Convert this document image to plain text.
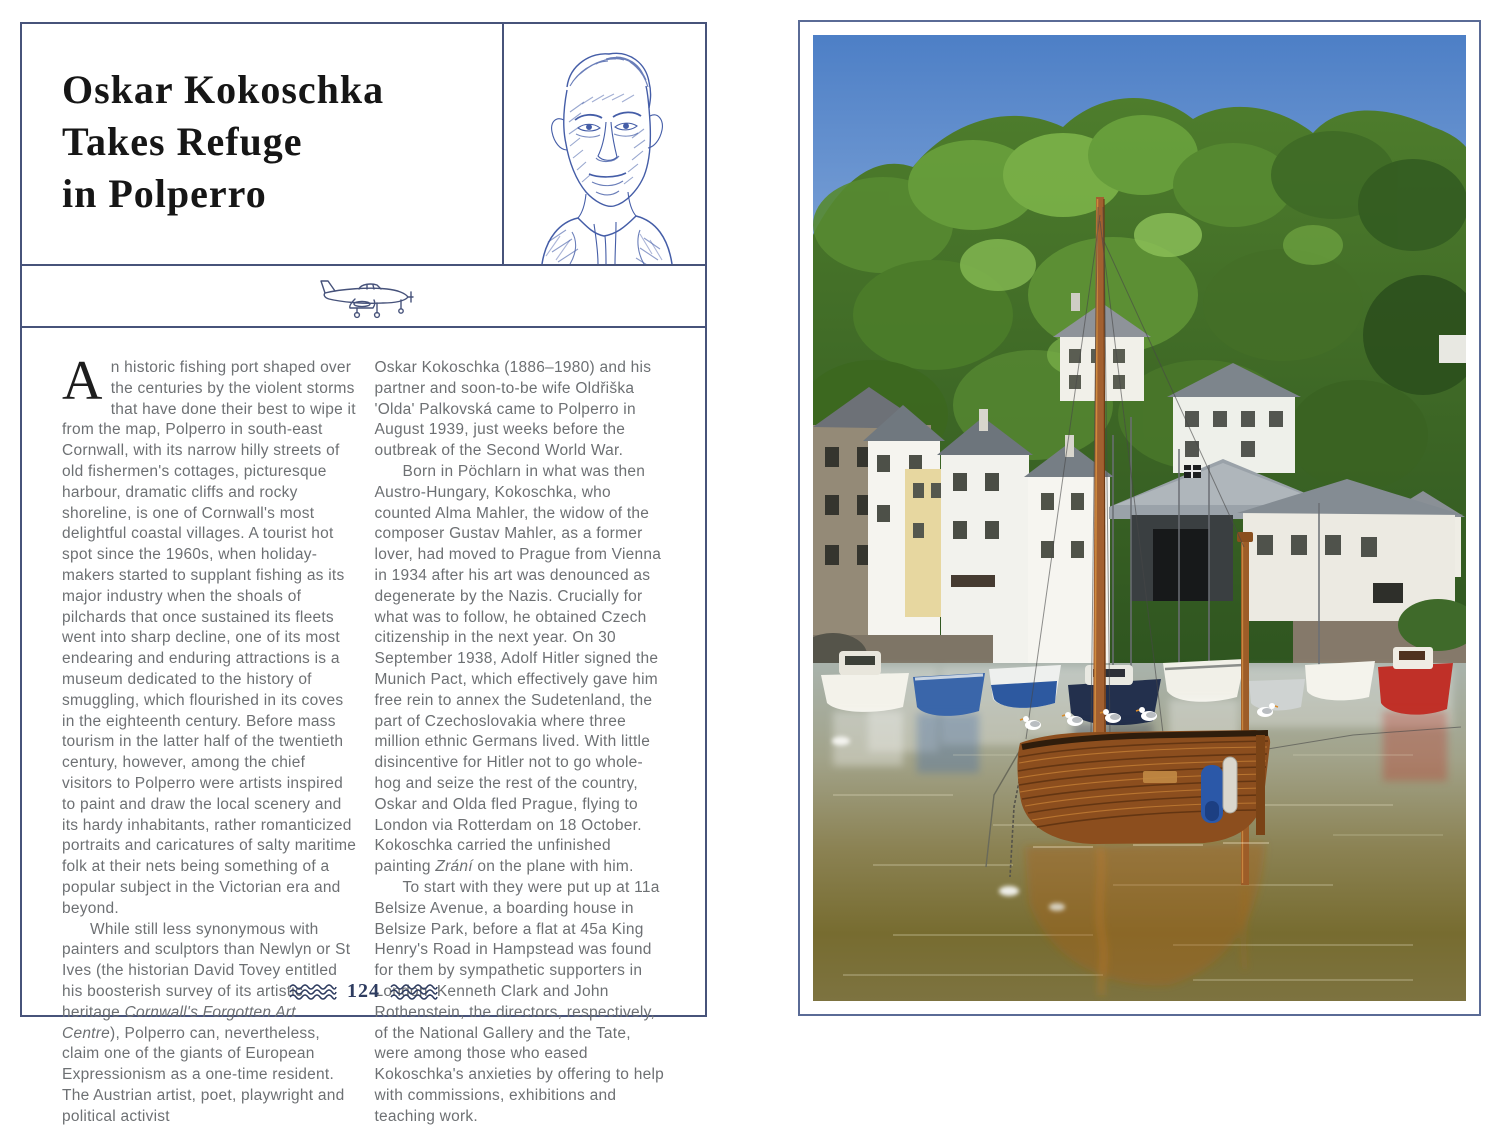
Oskar Kokoschka
Takes Refuge
in Polperro

An historic fishing port shaped over the centuries by the violent storms that have done their best to wipe it from the map, Polperro in south-east Cornwall, with its narrow hilly streets of old fishermen's cottages, picturesque harbour, dramatic cliffs and rocky shoreline, is one of Cornwall's most delightful coastal villages. A tourist hot spot since the 1960s, when holiday-makers started to supplant fishing as its major industry when the shoals of pilchards that once sustained its fleets went into sharp decline, one of its most endearing and enduring attractions is a museum dedicated to the history of smuggling, which flourished in its coves in the eighteenth century. Before mass tourism in the latter half of the twentieth century, however, among the chief visitors to Polperro were artists inspired to paint and draw the local scenery and its hardy inhabitants, rather romanticized portraits and caricatures of salty maritime folk at their nets being something of a popular subject in the Victorian era and beyond.

While still less synonymous with painters and sculptors than Newlyn or St Ives (the historian David Tovey entitled his boosterish survey of its artistic heritage Cornwall's Forgotten Art Centre), Polperro can, nevertheless, claim one of the giants of European Expressionism as a one-time resident. The Austrian artist, poet, playwright and political activist

Oskar Kokoschka (1886–1980) and his partner and soon-to-be wife Oldřiška 'Olda' Palkovská came to Polperro in August 1939, just weeks before the outbreak of the Second World War.

Born in Pöchlarn in what was then Austro-Hungary, Kokoschka, who counted Alma Mahler, the widow of the composer Gustav Mahler, as a former lover, had moved to Prague from Vienna in 1934 after his art was denounced as degenerate by the Nazis. Crucially for what was to follow, he obtained Czech citizenship in the next year. On 30 September 1938, Adolf Hitler signed the Munich Pact, which effectively gave him free rein to annex the Sudetenland, the part of Czechoslovakia where three million ethnic Germans lived. With little disincentive for Hitler not to go whole-hog and seize the rest of the country, Oskar and Olda fled Prague, flying to London via Rotterdam on 18 October. Kokoschka carried the unfinished painting Zrání on the plane with him.

To start with they were put up at 11a Belsize Avenue, a boarding house in Belsize Park, before a flat at 45a King Henry's Road in Hampstead was found for them by sympathetic supporters in London. Kenneth Clark and John Rothenstein, the directors, respectively, of the National Gallery and the Tate, were among those who eased Kokoschka's anxieties by offering to help with commissions, exhibitions and teaching work.

124
